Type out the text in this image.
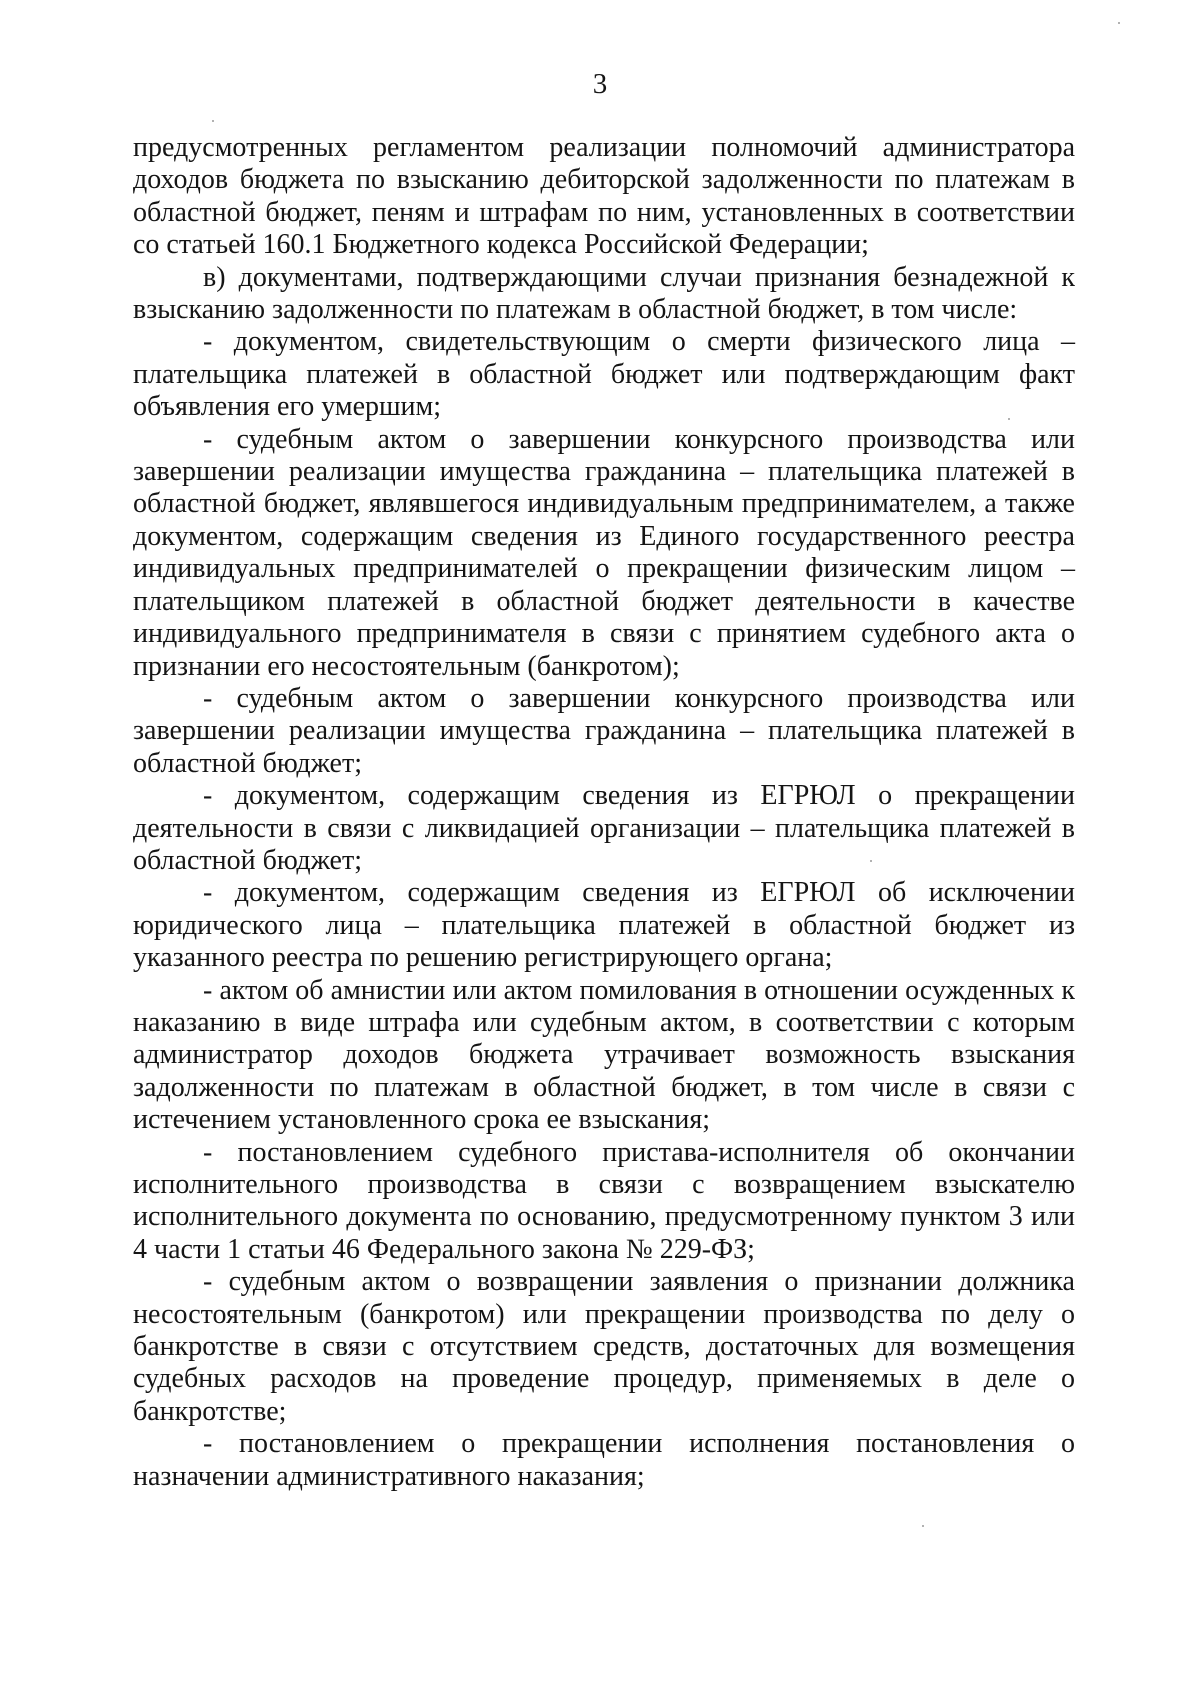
3

предусмотренных регламентом реализации полномочий администратора доходов бюджета по взысканию дебиторской задолженности по платежам в областной бюджет, пеням и штрафам по ним, установленных в соответствии со статьей 160.1 Бюджетного кодекса Российской Федерации;

в) документами, подтверждающими случаи признания безнадежной к взысканию задолженности по платежам в областной бюджет, в том числе:

- документом, свидетельствующим о смерти физического лица – плательщика платежей в областной бюджет или подтверждающим факт объявления его умершим;

- судебным актом о завершении конкурсного производства или завершении реализации имущества гражданина – плательщика платежей в областной бюджет, являвшегося индивидуальным предпринимателем, а также документом, содержащим сведения из Единого государственного реестра индивидуальных предпринимателей о прекращении физическим лицом – плательщиком платежей в областной бюджет деятельности в качестве индивидуального предпринимателя в связи с принятием судебного акта о признании его несостоятельным (банкротом);

- судебным актом о завершении конкурсного производства или завершении реализации имущества гражданина – плательщика платежей в областной бюджет;

- документом, содержащим сведения из ЕГРЮЛ о прекращении деятельности в связи с ликвидацией организации – плательщика платежей в областной бюджет;

- документом, содержащим сведения из ЕГРЮЛ об исключении юридического лица – плательщика платежей в областной бюджет из указанного реестра по решению регистрирующего органа;

- актом об амнистии или актом помилования в отношении осужденных к наказанию в виде штрафа или судебным актом, в соответствии с которым администратор доходов бюджета утрачивает возможность взыскания задолженности по платежам в областной бюджет, в том числе в связи с истечением установленного срока ее взыскания;

- постановлением судебного пристава-исполнителя об окончании исполнительного производства в связи с возвращением взыскателю исполнительного документа по основанию, предусмотренному пунктом 3 или 4 части 1 статьи 46 Федерального закона № 229-ФЗ;

- судебным актом о возвращении заявления о признании должника несостоятельным (банкротом) или прекращении производства по делу о банкротстве в связи с отсутствием средств, достаточных для возмещения судебных расходов на проведение процедур, применяемых в деле о банкротстве;

- постановлением о прекращении исполнения постановления о назначении административного наказания;
